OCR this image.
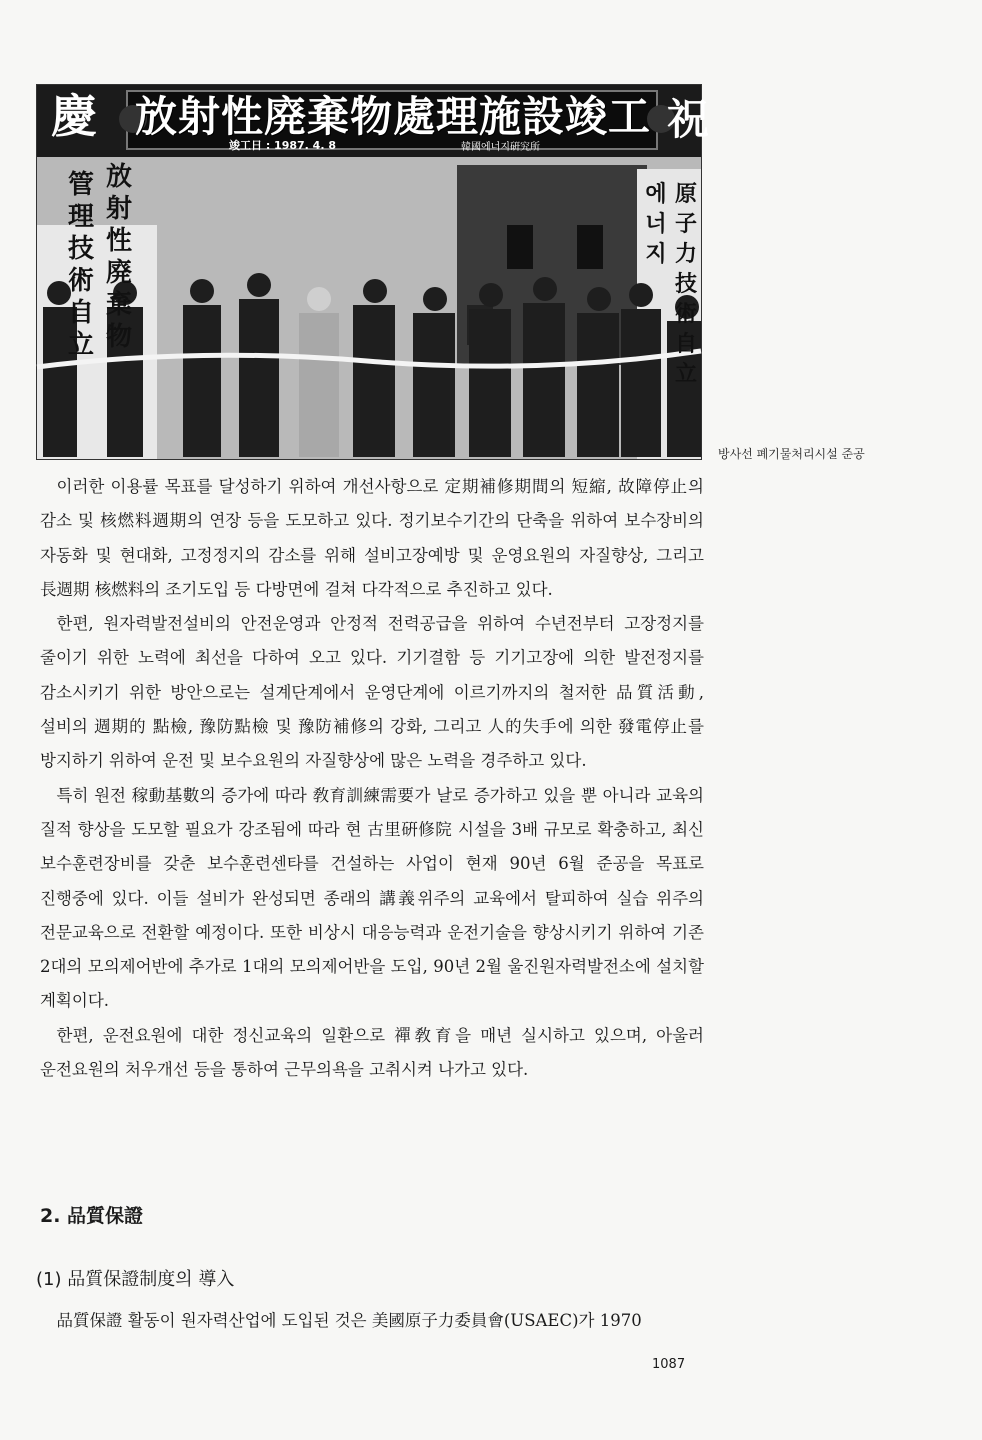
慶 放射性廃棄物處理施設竣工 祝
竣工日 : 1987. 4. 8	韓國에너지硏究所
管理技術自立
放射性廃棄物
原子力技術自立
에너지
방사선 폐기물처리시설 준공

이러한 이용률 목표를 달성하기 위하여 개선사항으로 定期補修期間의 短縮, 故障停止의 감소 및 核燃料週期의 연장 등을 도모하고 있다. 정기보수기간의 단축을 위하여 보수장비의 자동화 및 현대화, 고정정지의 감소를 위해 설비고장예방 및 운영요원의 자질향상, 그리고 長週期 核燃料의 조기도입 등 다방면에 걸쳐 다각적으로 추진하고 있다.

한편, 원자력발전설비의 안전운영과 안정적 전력공급을 위하여 수년전부터 고장정지를 줄이기 위한 노력에 최선을 다하여 오고 있다. 기기결함 등 기기고장에 의한 발전정지를 감소시키기 위한 방안으로는 설계단계에서 운영단계에 이르기까지의 철저한 品質活動, 설비의 週期的 點檢, 豫防點檢 및 豫防補修의 강화, 그리고 人的失手에 의한 發電停止를 방지하기 위하여 운전 및 보수요원의 자질향상에 많은 노력을 경주하고 있다.

특히 원전 稼動基數의 증가에 따라 敎育訓練需要가 날로 증가하고 있을 뿐 아니라 교육의 질적 향상을 도모할 필요가 강조됨에 따라 현 古里硏修院 시설을 3배 규모로 확충하고, 최신 보수훈련장비를 갖춘 보수훈련센타를 건설하는 사업이 현재 90년 6월 준공을 목표로 진행중에 있다. 이들 설비가 완성되면 종래의 講義위주의 교육에서 탈피하여 실습 위주의 전문교육으로 전환할 예정이다. 또한 비상시 대응능력과 운전기술을 향상시키기 위하여 기존 2대의 모의제어반에 추가로 1대의 모의제어반을 도입, 90년 2월 울진원자력발전소에 설치할 계획이다.

한편, 운전요원에 대한 정신교육의 일환으로 禪敎育을 매년 실시하고 있으며, 아울러 운전요원의 처우개선 등을 통하여 근무의욕을 고취시켜 나가고 있다.

2. 品質保證
(1) 品質保證制度의 導入
品質保證 활동이 원자력산업에 도입된 것은 美國原子力委員會(USAEC)가 1970
1087
